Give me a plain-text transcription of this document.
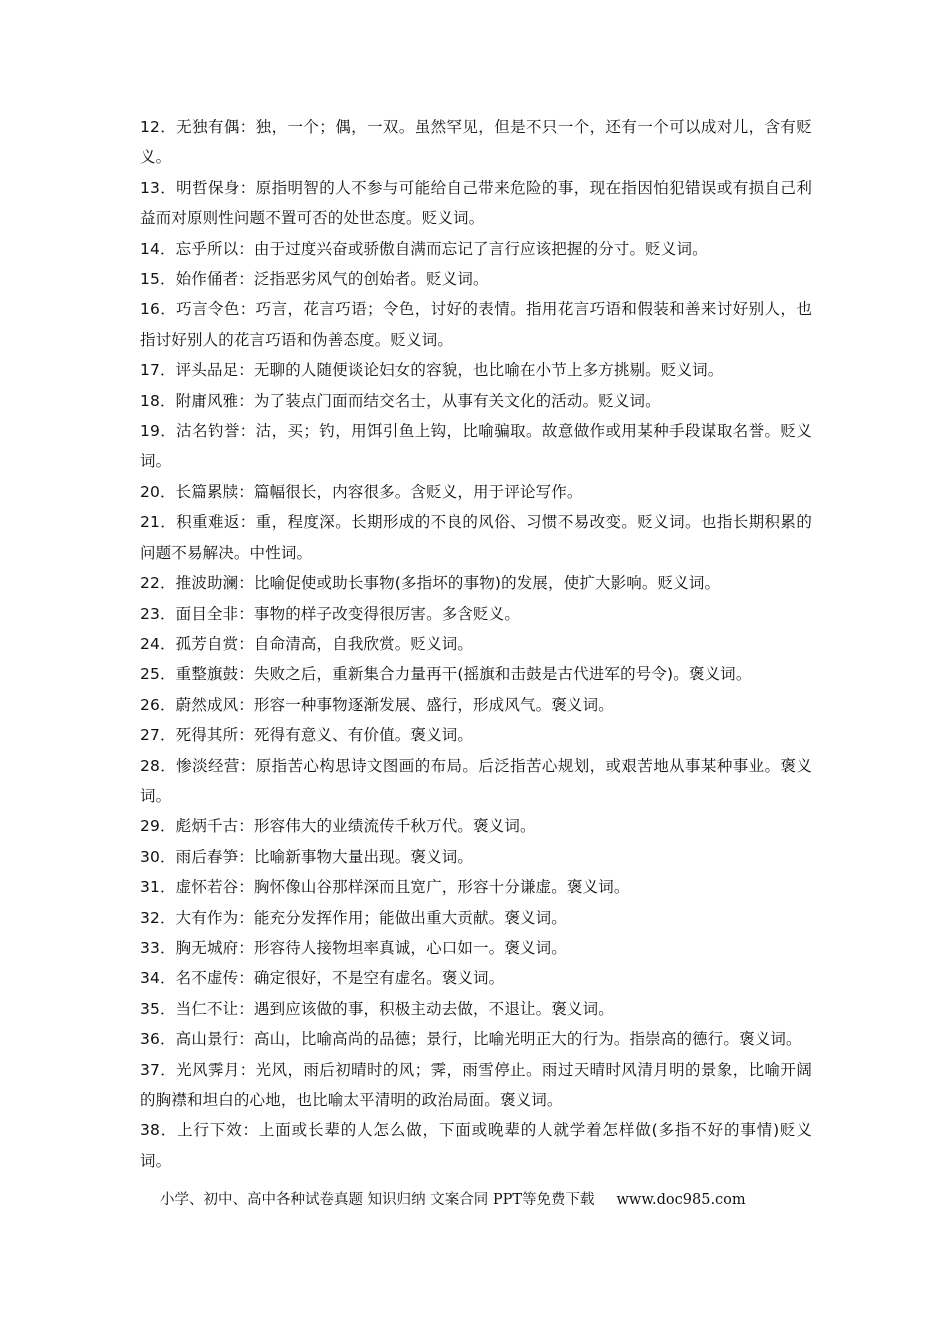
12．无独有偶：独，一个；偶，一双。虽然罕见，但是不只一个，还有一个可以成对儿，含有贬义。

13．明哲保身：原指明智的人不参与可能给自己带来危险的事，现在指因怕犯错误或有损自己利益而对原则性问题不置可否的处世态度。贬义词。

14．忘乎所以：由于过度兴奋或骄傲自满而忘记了言行应该把握的分寸。贬义词。

15．始作俑者：泛指恶劣风气的创始者。贬义词。

16．巧言令色：巧言，花言巧语；令色，讨好的表情。指用花言巧语和假装和善来讨好别人，也指讨好别人的花言巧语和伪善态度。贬义词。

17．评头品足：无聊的人随便谈论妇女的容貌，也比喻在小节上多方挑剔。贬义词。

18．附庸风雅：为了装点门面而结交名士，从事有关文化的活动。贬义词。

19．沽名钓誉：沽，买；钓，用饵引鱼上钩，比喻骗取。故意做作或用某种手段谋取名誉。贬义词。

20．长篇累牍：篇幅很长，内容很多。含贬义，用于评论写作。

21．积重难返：重，程度深。长期形成的不良的风俗、习惯不易改变。贬义词。也指长期积累的问题不易解决。中性词。

22．推波助澜：比喻促使或助长事物(多指坏的事物)的发展，使扩大影响。贬义词。

23．面目全非：事物的样子改变得很厉害。多含贬义。

24．孤芳自赏：自命清高，自我欣赏。贬义词。

25．重整旗鼓：失败之后，重新集合力量再干(摇旗和击鼓是古代进军的号令)。褒义词。

26．蔚然成风：形容一种事物逐渐发展、盛行，形成风气。褒义词。

27．死得其所：死得有意义、有价值。褒义词。

28．惨淡经营：原指苦心构思诗文图画的布局。后泛指苦心规划，或艰苦地从事某种事业。褒义词。

29．彪炳千古：形容伟大的业绩流传千秋万代。褒义词。

30．雨后春笋：比喻新事物大量出现。褒义词。

31．虚怀若谷：胸怀像山谷那样深而且宽广，形容十分谦虚。褒义词。

32．大有作为：能充分发挥作用；能做出重大贡献。褒义词。

33．胸无城府：形容待人接物坦率真诚，心口如一。褒义词。

34．名不虚传：确定很好，不是空有虚名。褒义词。

35．当仁不让：遇到应该做的事，积极主动去做，不退让。褒义词。

36．高山景行：高山，比喻高尚的品德；景行，比喻光明正大的行为。指崇高的德行。褒义词。

37．光风霁月：光风，雨后初晴时的风；霁，雨雪停止。雨过天晴时风清月明的景象，比喻开阔的胸襟和坦白的心地，也比喻太平清明的政治局面。褒义词。

38．上行下效：上面或长辈的人怎么做，下面或晚辈的人就学着怎样做(多指不好的事情)贬义词。

小学、初中、高中各种试卷真题 知识归纳 文案合同 PPT等免费下载 www.doc985.com
